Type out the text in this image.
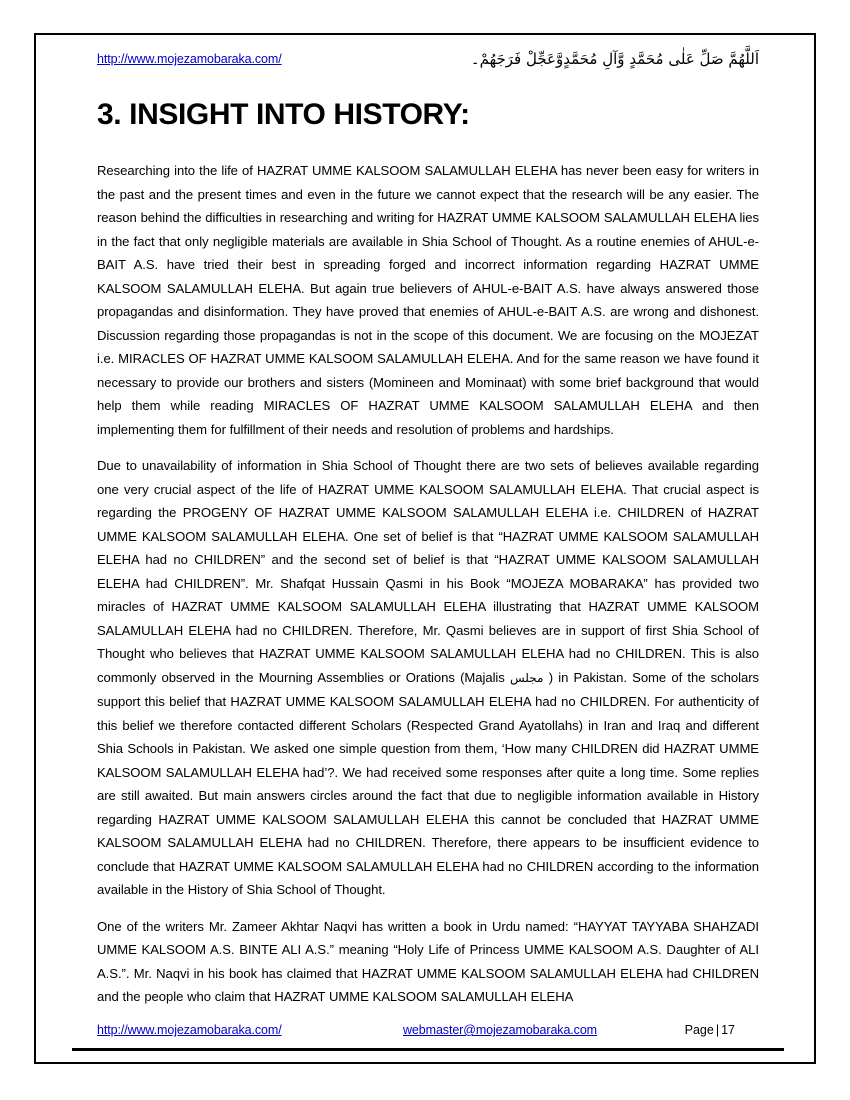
http://www.mojezamobaraka.com/	اَللَّهُمَّ صَلِّ عَلٰى مُحَمَّدٍ وَّآلِ مُحَمَّدٍوَّعَجِّلْ فَرَجَهُمْ۔
3. INSIGHT INTO HISTORY:

Researching into the life of HAZRAT UMME KALSOOM SALAMULLAH ELEHA has never been easy for writers in the past and the present times and even in the future we cannot expect that the research will be any easier. The reason behind the difficulties in researching and writing for HAZRAT UMME KALSOOM SALAMULLAH ELEHA lies in the fact that only negligible materials are available in Shia School of Thought. As a routine enemies of AHUL-e-BAIT A.S. have tried their best in spreading forged and incorrect information regarding HAZRAT UMME KALSOOM SALAMULLAH ELEHA. But again true believers of AHUL-e-BAIT A.S. have always answered those propagandas and disinformation. They have proved that enemies of AHUL-e-BAIT A.S. are wrong and dishonest. Discussion regarding those propagandas is not in the scope of this document. We are focusing on the MOJEZAT i.e. MIRACLES OF HAZRAT UMME KALSOOM SALAMULLAH ELEHA. And for the same reason we have found it necessary to provide our brothers and sisters (Momineen and Mominaat) with some brief background that would help them while reading MIRACLES OF HAZRAT UMME KALSOOM SALAMULLAH ELEHA and then implementing them for fulfillment of their needs and resolution of problems and hardships.

Due to unavailability of information in Shia School of Thought there are two sets of believes available regarding one very crucial aspect of the life of HAZRAT UMME KALSOOM SALAMULLAH ELEHA. That crucial aspect is regarding the PROGENY OF HAZRAT UMME KALSOOM SALAMULLAH ELEHA i.e. CHILDREN of HAZRAT UMME KALSOOM SALAMULLAH ELEHA. One set of belief is that “HAZRAT UMME KALSOOM SALAMULLAH ELEHA had no CHILDREN” and the second set of belief is that “HAZRAT UMME KALSOOM SALAMULLAH ELEHA had CHILDREN”. Mr. Shafqat Hussain Qasmi in his Book “MOJEZA MOBARAKA” has provided two miracles of HAZRAT UMME KALSOOM SALAMULLAH ELEHA illustrating that HAZRAT UMME KALSOOM SALAMULLAH ELEHA had no CHILDREN. Therefore, Mr. Qasmi believes are in support of first Shia School of Thought who believes that HAZRAT UMME KALSOOM SALAMULLAH ELEHA had no CHILDREN. This is also commonly observed in the Mourning Assemblies or Orations (Majalis مجلس ) in Pakistan. Some of the scholars support this belief that HAZRAT UMME KALSOOM SALAMULLAH ELEHA had no CHILDREN. For authenticity of this belief we therefore contacted different Scholars (Respected Grand Ayatollahs) in Iran and Iraq and different Shia Schools in Pakistan. We asked one simple question from them, ‘How many CHILDREN did HAZRAT UMME KALSOOM SALAMULLAH ELEHA had’?. We had received some responses after quite a long time. Some replies are still awaited. But main answers circles around the fact that due to negligible information available in History regarding HAZRAT UMME KALSOOM SALAMULLAH ELEHA this cannot be concluded that HAZRAT UMME KALSOOM SALAMULLAH ELEHA had no CHILDREN. Therefore, there appears to be insufficient evidence to conclude that HAZRAT UMME KALSOOM SALAMULLAH ELEHA had no CHILDREN according to the information available in the History of Shia School of Thought.

One of the writers Mr. Zameer Akhtar Naqvi has written a book in Urdu named: “HAYYAT TAYYABA SHAHZADI UMME KALSOOM A.S. BINTE ALI A.S.” meaning “Holy Life of Princess UMME KALSOOM A.S. Daughter of ALI A.S.”. Mr. Naqvi in his book has claimed that HAZRAT UMME KALSOOM SALAMULLAH ELEHA had CHILDREN and the people who claim that HAZRAT UMME KALSOOM SALAMULLAH ELEHA

http://www.mojezamobaraka.com/	webmaster@mojezamobaraka.com	Page | 17
